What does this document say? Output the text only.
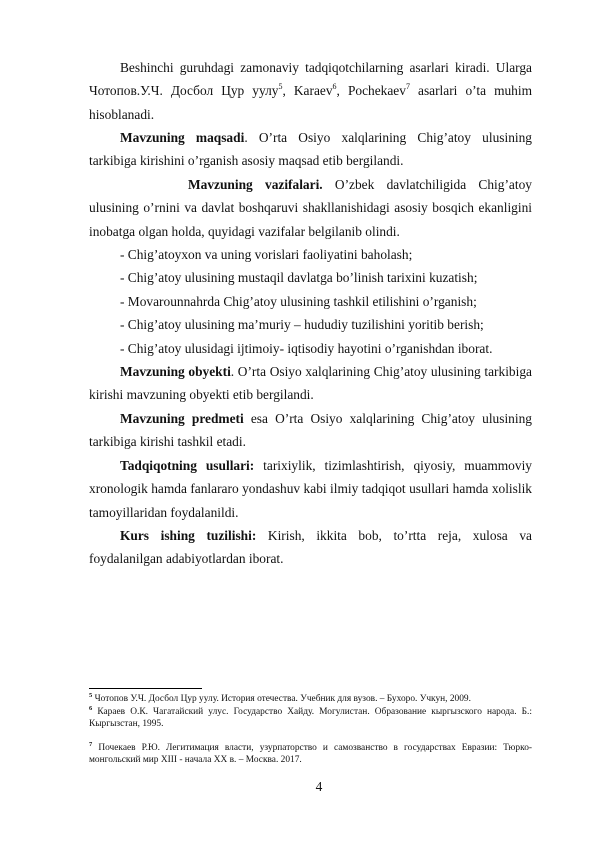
Beshinchi guruhdagi zamonaviy tadqiqotchilarning asarlari kiradi. Ularga Чотопов.У.Ч. Досбол Цур уулу$^5$, Karaev$^6$, Pochekaev$^7$ asarlari o’ta muhim hisoblanadi.

Mavzuning maqsadi. O’rta Osiyo xalqlarining Chig’atoy ulusining tarkibiga kirishini o’rganish asosiy maqsad etib bergilandi.

Mavzuning vazifalari. O’zbek davlatchiligida Chig’atoy ulusining o’rnini va davlat boshqaruvi shakllanishidagi asosiy bosqich ekanligini inobatga olgan holda, quyidagi vazifalar belgilanib olindi.

- Chig’atoyxon va uning vorislari faoliyatini baholash;

- Chig’atoy ulusining mustaqil davlatga bo’linish tarixini kuzatish;

- Movarounnahrda Chig’atoy ulusining tashkil etilishini o’rganish;

- Chig’atoy ulusining ma’muriy – hududiy tuzilishini yoritib berish;

- Chig’atoy ulusidagi ijtimoiy- iqtisodiy hayotini o’rganishdan iborat.

Mavzuning obyekti. O’rta Osiyo xalqlarining Chig’atoy ulusining tarkibiga kirishi mavzuning obyekti etib bergilandi.

Mavzuning predmeti esa O’rta Osiyo xalqlarining Chig’atoy ulusining tarkibiga kirishi tashkil etadi.

Tadqiqotning usullari: tarixiylik, tizimlashtirish, qiyosiy, muammoviy xronologik hamda fanlararo yondashuv kabi ilmiy tadqiqot usullari hamda xolislik tamoyillaridan foydalanildi.

Kurs ishing tuzilishi: Kirish, ikkita bob, to’rtta reja, xulosa va foydalanilgan adabiyotlardan iborat.

$^5$ Чотопов У.Ч. Досбол Цур уулу. История отечества. Учебник для вузов. – Бухоро. Учкун, 2009.

$^6$ Караев О.К. Чагатайский улус. Государство Хайду. Могулистан. Образование кыргызского народа. Б.: Кыргызстан, 1995.

$^7$ Почекаев Р.Ю. Легитимация власти, узурпаторство и самозванство в государствах Евразии: Тюрко-монгольский мир XIII - начала XX в. – Москва. 2017.

4
